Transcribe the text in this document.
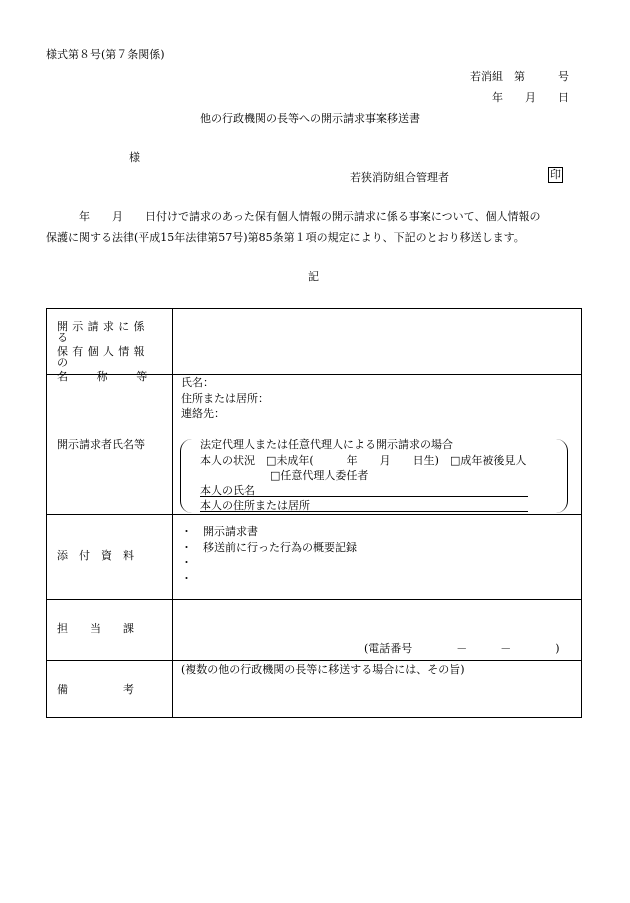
様式第８号(第７条関係)
若消組　第　　　号
年　　月　　日
他の行政機関の長等への開示請求事案移送書
様
若狭消防組合管理者	印
　　　年　　月　　日付けで請求のあった保有個人情報の開示請求に係る事案について、個人情報の
保護に関する法律(平成15年法律第57号)第85条第１項の規定により、下記のとおり移送します。
記
開示請求に係る
保有個人情報の
名　　称　　等
開示請求者氏名等
氏名：
住所または居所：
連絡先：
法定代理人または任意代理人による開示請求の場合
本人の状況　□未成年(　　　年　　月　　日生)　□成年被後見人
□任意代理人委任者
本人の氏名
本人の住所または居所
添　付　資　料
・　開示請求書
・　移送前に行った行為の概要記録
・
・
担　　当　　課
(電話番号　　　　－　　　－　　　　)
備　　　　　考
(複数の他の行政機関の長等に移送する場合には、その旨)
